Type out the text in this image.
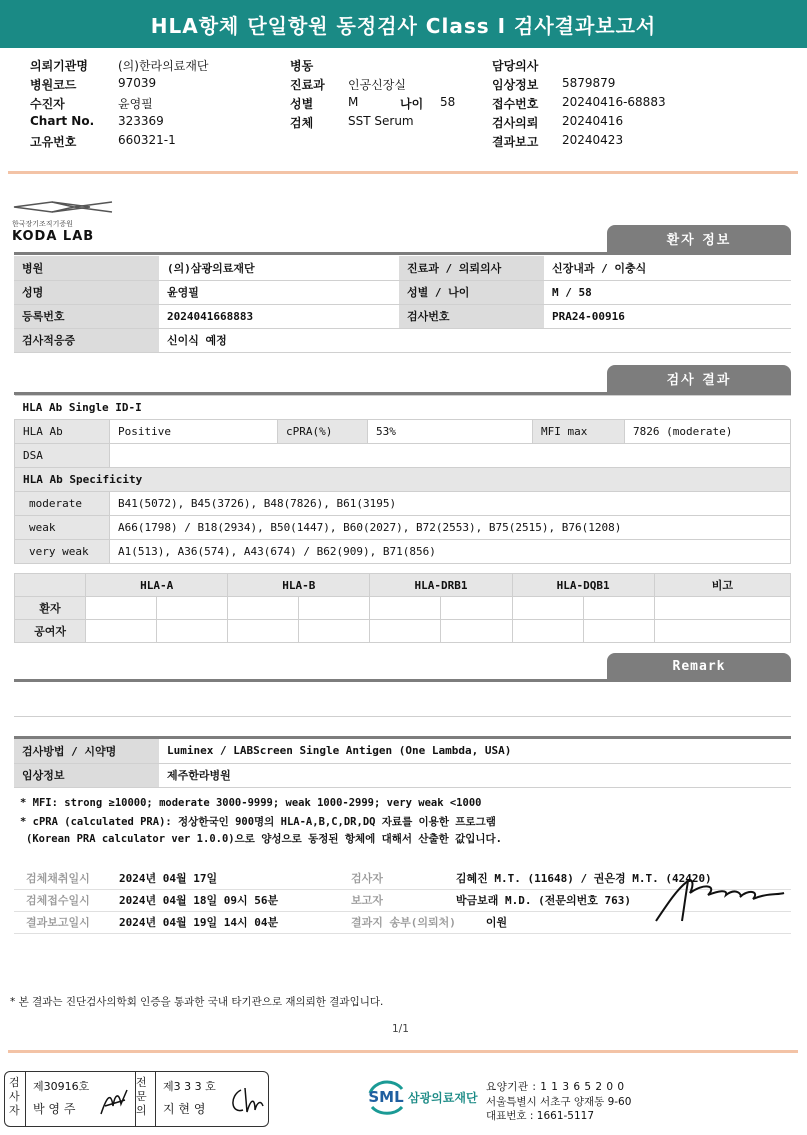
HLA항체 단일항원 동정검사 Class I 검사결과보고서
의뢰기관명	(의)한라의료재단
병원코드	97039
수진자	윤영필
Chart No.	323369
고유번호	660321-1
병동
진료과	인공신장실
성별	M	나이	58
검체	SST Serum
담당의사
임상정보	5879879
접수번호	20240416-68883
검사의뢰	20240416
결과보고	20240423
한국장기조직기증원
KODA LAB	환자 정보
병원	(의)삼광의료재단	진료과 / 의뢰의사	신장내과 / 이충식
성명	윤영필	성별 / 나이	M / 58
등록번호	2024041668883	검사번호	PRA24-00916
검사적응증	신이식 예정		
검사 결과
HLA Ab Single ID-I					
HLA Ab	Positive	cPRA(%)	53%	MFI max	7826 (moderate)
DSA					
HLA Ab Specificity					
moderate	B41(5072), B45(3726), B48(7826), B61(3195)				
weak	A66(1798) / B18(2934), B50(1447), B60(2027), B72(2553), B75(2515), B76(1208)				
very weak	A1(513), A36(574), A43(674) / B62(909), B71(856)				
	HLA-A		HLA-B		HLA-DRB1		HLA-DQB1		비고
환자									
공여자									
Remark
검사방법 / 시약명	Luminex / LABScreen Single Antigen (One Lambda, USA)
임상정보	제주한라병원
* MFI: strong ≥10000; moderate 3000-9999; weak 1000-2999; very weak <1000
* cPRA (calculated PRA): 정상한국인 900명의 HLA-A,B,C,DR,DQ 자료를 이용한 프로그램
(Korean PRA calculator ver 1.0.0)으로 양성으로 동정된 항체에 대해서 산출한 값입니다.
검체채취일시	2024년 04월 17일	검사자	김혜진 M.T. (11648) / 권은경 M.T. (42420)
검체접수일시	2024년 04월 18일 09시 56분	보고자	박금보래 M.D. (전문의번호 763)
결과보고일시	2024년 04월 19일 14시 04분	결과지 송부(의뢰처)	이원
* 본 결과는 진단검사의학회 인증을 통과한 국내 타기관으로 재의뢰한 결과입니다.
1/1
검사자
제30916호
박 영 주
전문의
제3 3 3 호
지 현 영
SML 삼광의료재단
요양기관 : 1 1 3 6 5 2 0 0
서울특별시 서초구 양재동 9-60
대표번호 : 1661-5117
